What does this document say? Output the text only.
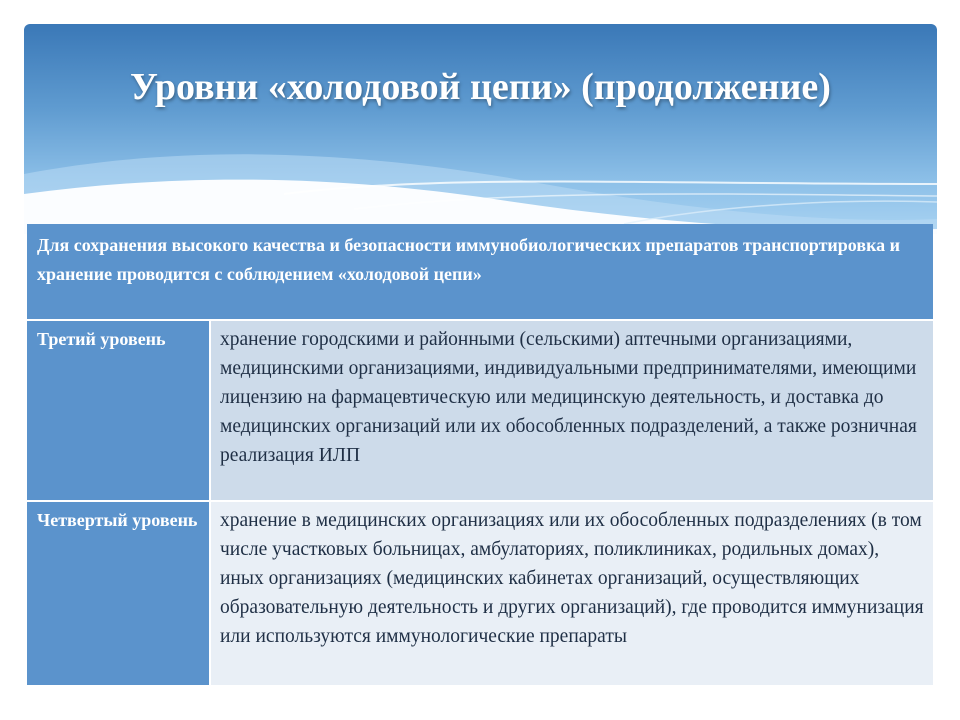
Уровни «холодовой цепи» (продолжение)
Для сохранения высокого качества и безопасности иммунобиологических препаратов транспортировка и хранение проводится с соблюдением «холодовой цепи»	
Третий уровень	хранение городскими и районными (сельскими) аптечными организациями, медицинскими организациями, индивидуальными предпринимателями, имеющими лицензию на фармацевтическую или медицинскую деятельность, и доставка до медицинских организаций или их обособленных подразделений, а также розничная реализация ИЛП
Четвертый уровень	хранение в медицинских организациях или их обособленных подразделениях (в том числе участковых больницах, амбулаториях, поликлиниках, родильных домах), иных организациях (медицинских кабинетах организаций, осуществляющих образовательную деятельность и других организаций), где проводится иммунизация или используются иммунологические препараты
